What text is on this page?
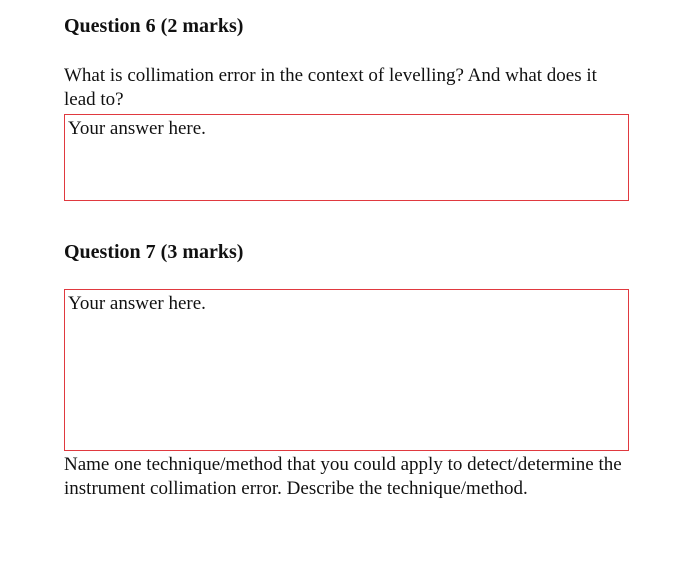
Question 6 (2 marks)

What is collimation error in the context of levelling? And what does it lead to?

Your answer here.
Question 7 (3 marks)
Your answer here.

Name one technique/method that you could apply to detect/determine the instrument collimation error. Describe the technique/method.
